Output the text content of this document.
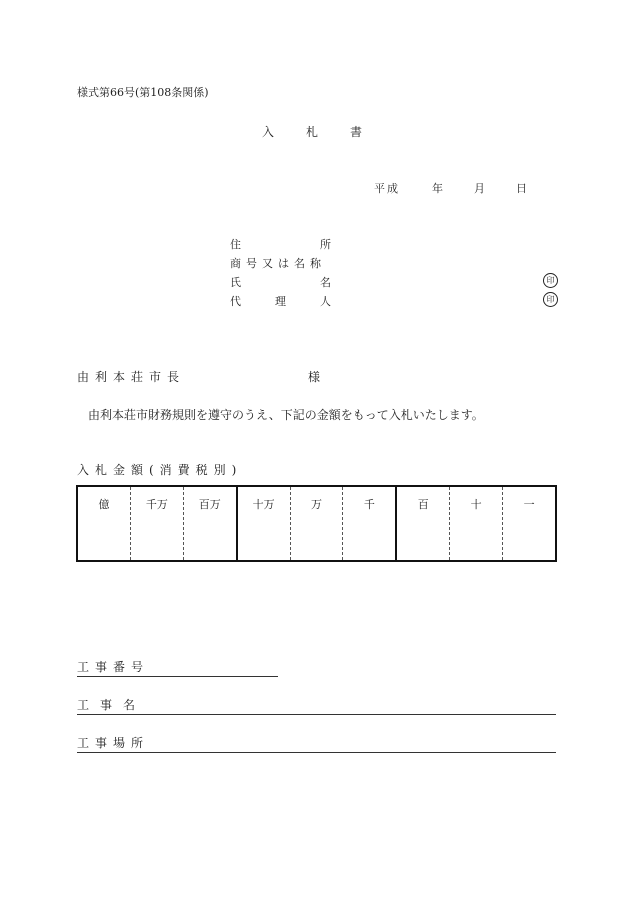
様式第66号(第108条関係)
入	札	書
平成	年	月	日
住	所
商号又は名称
氏	名	印
代	理	人	印
由利本荘市長	様
由利本荘市財務規則を遵守のうえ、下記の金額をもって入札いたします。
入札金額(消費税別)
億	千万	百万	十万	万	千	百	十	一
工事番号
工 事 名
工事場所
